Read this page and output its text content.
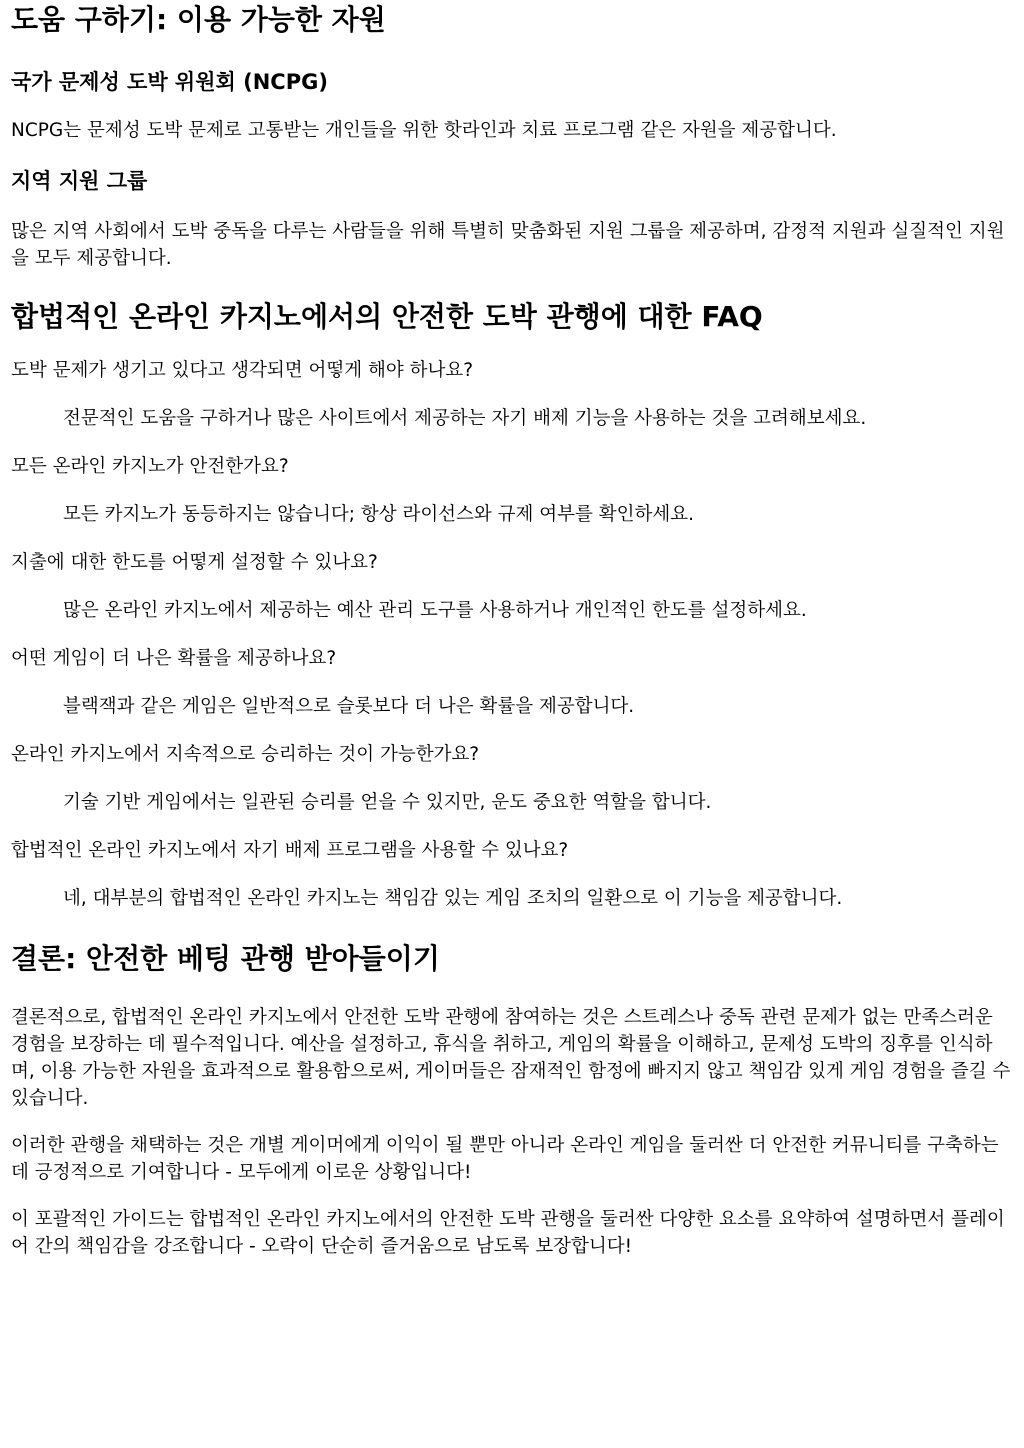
도움 구하기: 이용 가능한 자원
국가 문제성 도박 위원회 (NCPG)

NCPG는 문제성 도박 문제로 고통받는 개인들을 위한 핫라인과 치료 프로그램 같은 자원을 제공합니다.

지역 지원 그룹

많은 지역 사회에서 도박 중독을 다루는 사람들을 위해 특별히 맞춤화된 지원 그룹을 제공하며, 감정적 지원과 실질적인 지원을 모두 제공합니다.

합법적인 온라인 카지노에서의 안전한 도박 관행에 대한 FAQ
도박 문제가 생기고 있다고 생각되면 어떻게 해야 하나요?
전문적인 도움을 구하거나 많은 사이트에서 제공하는 자기 배제 기능을 사용하는 것을 고려해보세요.
모든 온라인 카지노가 안전한가요?
모든 카지노가 동등하지는 않습니다; 항상 라이선스와 규제 여부를 확인하세요.
지출에 대한 한도를 어떻게 설정할 수 있나요?
많은 온라인 카지노에서 제공하는 예산 관리 도구를 사용하거나 개인적인 한도를 설정하세요.
어떤 게임이 더 나은 확률을 제공하나요?
블랙잭과 같은 게임은 일반적으로 슬롯보다 더 나은 확률을 제공합니다.
온라인 카지노에서 지속적으로 승리하는 것이 가능한가요?
기술 기반 게임에서는 일관된 승리를 얻을 수 있지만, 운도 중요한 역할을 합니다.
합법적인 온라인 카지노에서 자기 배제 프로그램을 사용할 수 있나요?
네, 대부분의 합법적인 온라인 카지노는 책임감 있는 게임 조치의 일환으로 이 기능을 제공합니다.
결론: 안전한 베팅 관행 받아들이기

결론적으로, 합법적인 온라인 카지노에서 안전한 도박 관행에 참여하는 것은 스트레스나 중독 관련 문제가 없는 만족스러운 경험을 보장하는 데 필수적입니다. 예산을 설정하고, 휴식을 취하고, 게임의 확률을 이해하고, 문제성 도박의 징후를 인식하며, 이용 가능한 자원을 효과적으로 활용함으로써, 게이머들은 잠재적인 함정에 빠지지 않고 책임감 있게 게임 경험을 즐길 수 있습니다.

이러한 관행을 채택하는 것은 개별 게이머에게 이익이 될 뿐만 아니라 온라인 게임을 둘러싼 더 안전한 커뮤니티를 구축하는 데 긍정적으로 기여합니다 - 모두에게 이로운 상황입니다!

이 포괄적인 가이드는 합법적인 온라인 카지노에서의 안전한 도박 관행을 둘러싼 다양한 요소를 요약하여 설명하면서 플레이어 간의 책임감을 강조합니다 - 오락이 단순히 즐거움으로 남도록 보장합니다!
